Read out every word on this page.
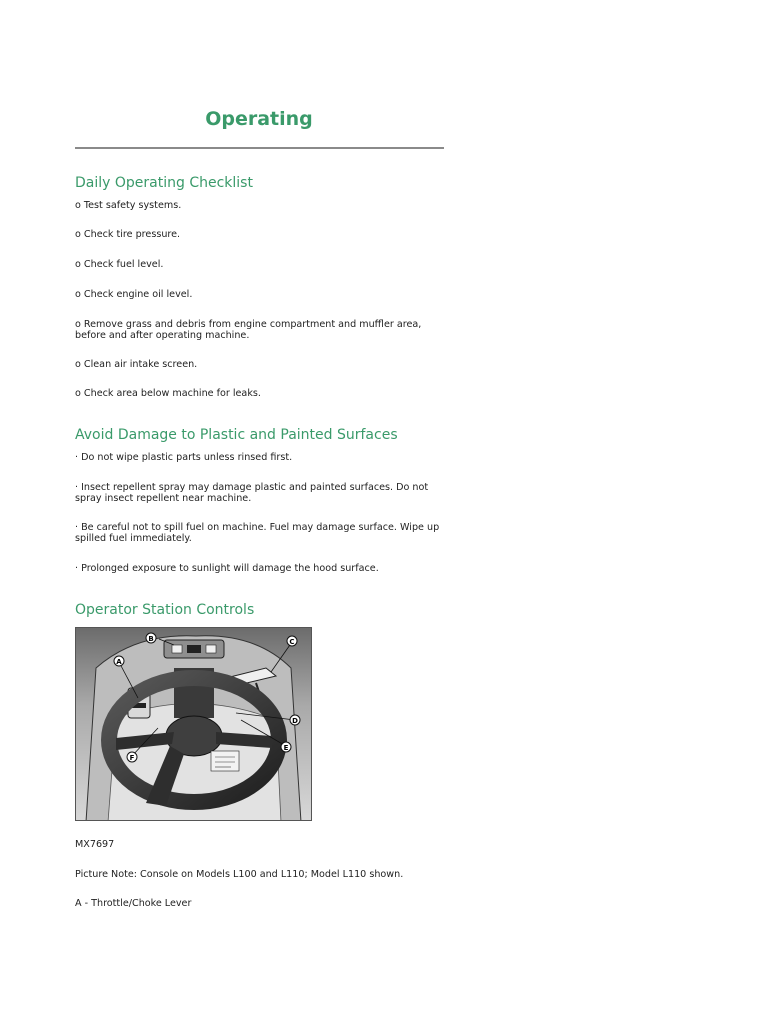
Operating
Daily Operating Checklist
o Test safety systems.
o Check tire pressure.
o Check fuel level.
o Check engine oil level.
o Remove grass and debris from engine compartment and muffler area, before and after operating machine.
o Clean air intake screen.
o Check area below machine for leaks.
Avoid Damage to Plastic and Painted Surfaces
· Do not wipe plastic parts unless rinsed first.
· Insect repellent spray may damage plastic and painted surfaces. Do not spray insect repellent near machine.
· Be careful not to spill fuel on machine. Fuel may damage surface. Wipe up spilled fuel immediately.
· Prolonged exposure to sunlight will damage the hood surface.
Operator Station Controls
A
B	C
D
E
F
MX7697
Picture Note: Console on Models L100 and L110; Model L110 shown.
A - Throttle/Choke Lever
